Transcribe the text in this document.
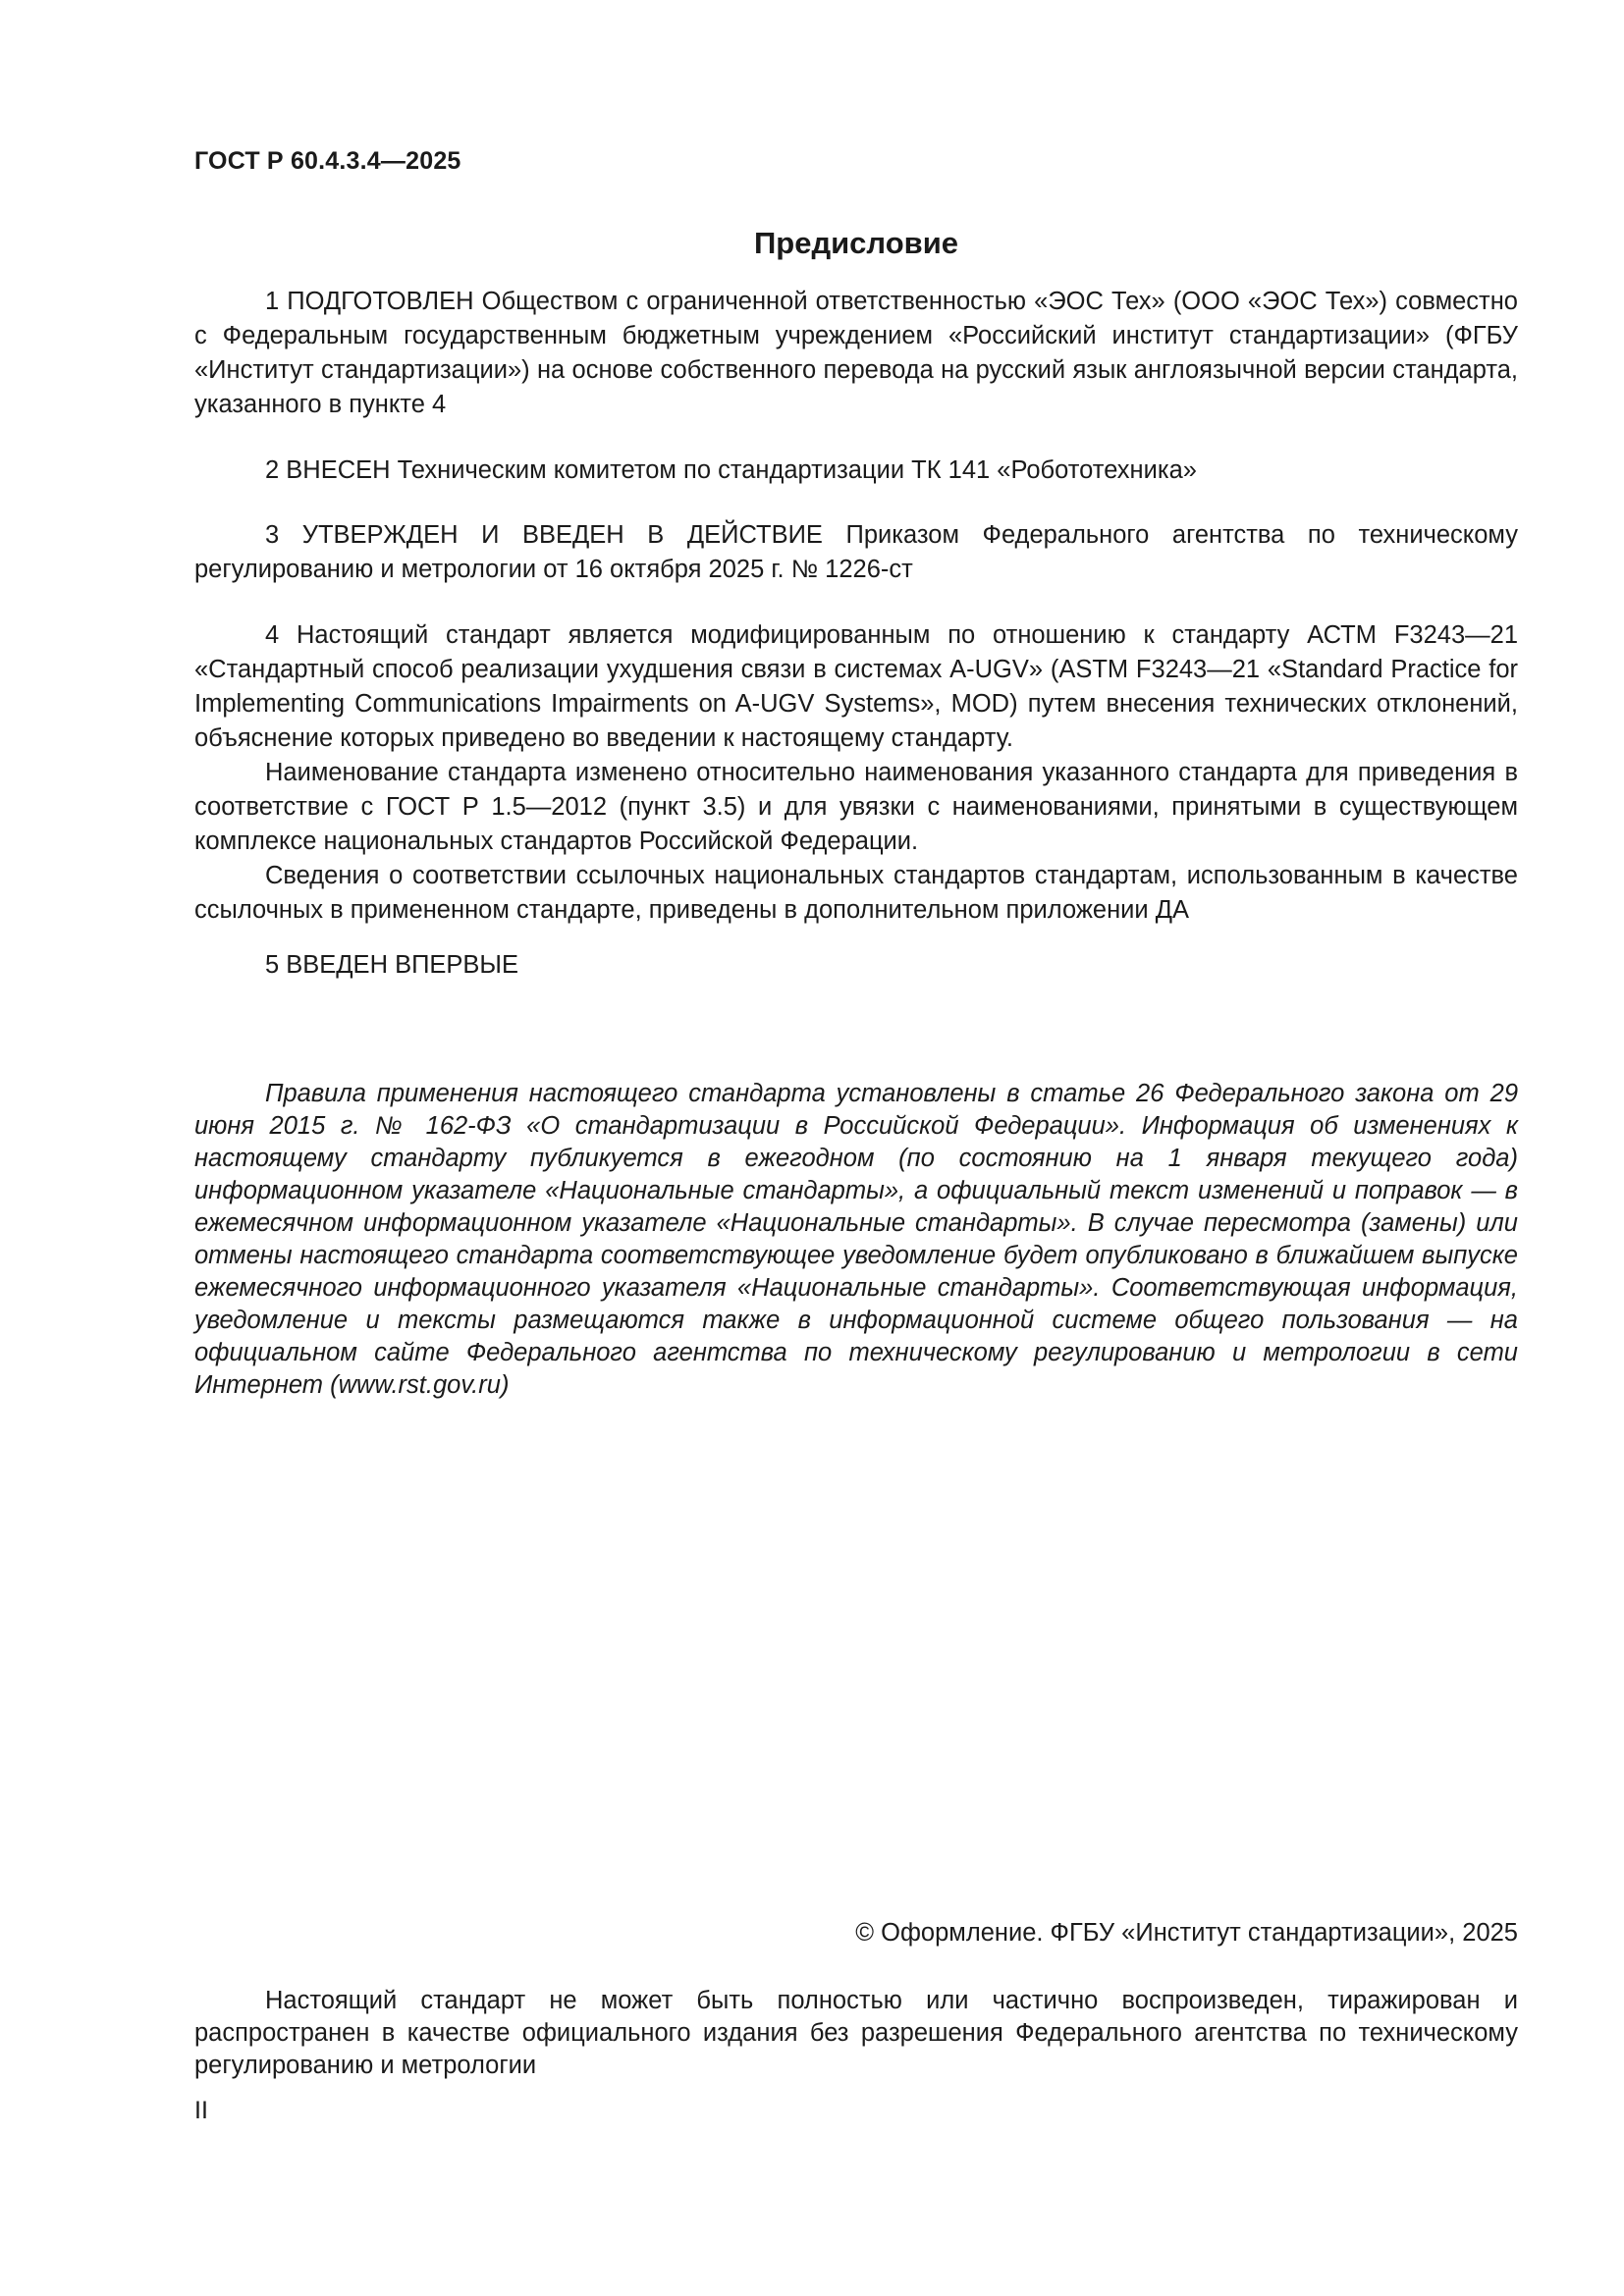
ГОСТ Р 60.4.3.4—2025
Предисловие

1 ПОДГОТОВЛЕН Обществом с ограниченной ответственностью «ЭОС Тех» (ООО «ЭОС Тех») совместно с Федеральным государственным бюджетным учреждением «Российский институт стандартизации» (ФГБУ «Институт стандартизации») на основе собственного перевода на русский язык англоязычной версии стандарта, указанного в пункте 4

2 ВНЕСЕН Техническим комитетом по стандартизации ТК 141 «Робототехника»

3 УТВЕРЖДЕН И ВВЕДЕН В ДЕЙСТВИЕ Приказом Федерального агентства по техническому регулированию и метрологии от 16 октября 2025 г. № 1226-ст

4 Настоящий стандарт является модифицированным по отношению к стандарту АСТМ F3243—21 «Стандартный способ реализации ухудшения связи в системах A-UGV» (ASTM F3243—21 «Standard Practice for Implementing Communications Impairments on A-UGV Systems», MOD) путем внесения технических отклонений, объяснение которых приведено во введении к настоящему стандарту.

Наименование стандарта изменено относительно наименования указанного стандарта для приведения в соответствие с ГОСТ Р 1.5—2012 (пункт 3.5) и для увязки с наименованиями, принятыми в существующем комплексе национальных стандартов Российской Федерации.

Сведения о соответствии ссылочных национальных стандартов стандартам, использованным в качестве ссылочных в примененном стандарте, приведены в дополнительном приложении ДА

5 ВВЕДЕН ВПЕРВЫЕ

Правила применения настоящего стандарта установлены в статье 26 Федерального закона от 29 июня 2015 г. № 162-ФЗ «О стандартизации в Российской Федерации». Информация об изменениях к настоящему стандарту публикуется в ежегодном (по состоянию на 1 января текущего года) информационном указателе «Национальные стандарты», а официальный текст изменений и поправок — в ежемесячном информационном указателе «Национальные стандарты». В случае пересмотра (замены) или отмены настоящего стандарта соответствующее уведомление будет опубликовано в ближайшем выпуске ежемесячного информационного указателя «Национальные стандарты». Соответствующая информация, уведомление и тексты размещаются также в информационной системе общего пользования — на официальном сайте Федерального агентства по техническому регулированию и метрологии в сети Интернет (www.rst.gov.ru)

© Оформление. ФГБУ «Институт стандартизации», 2025

Настоящий стандарт не может быть полностью или частично воспроизведен, тиражирован и распространен в качестве официального издания без разрешения Федерального агентства по техническому регулированию и метрологии

II
